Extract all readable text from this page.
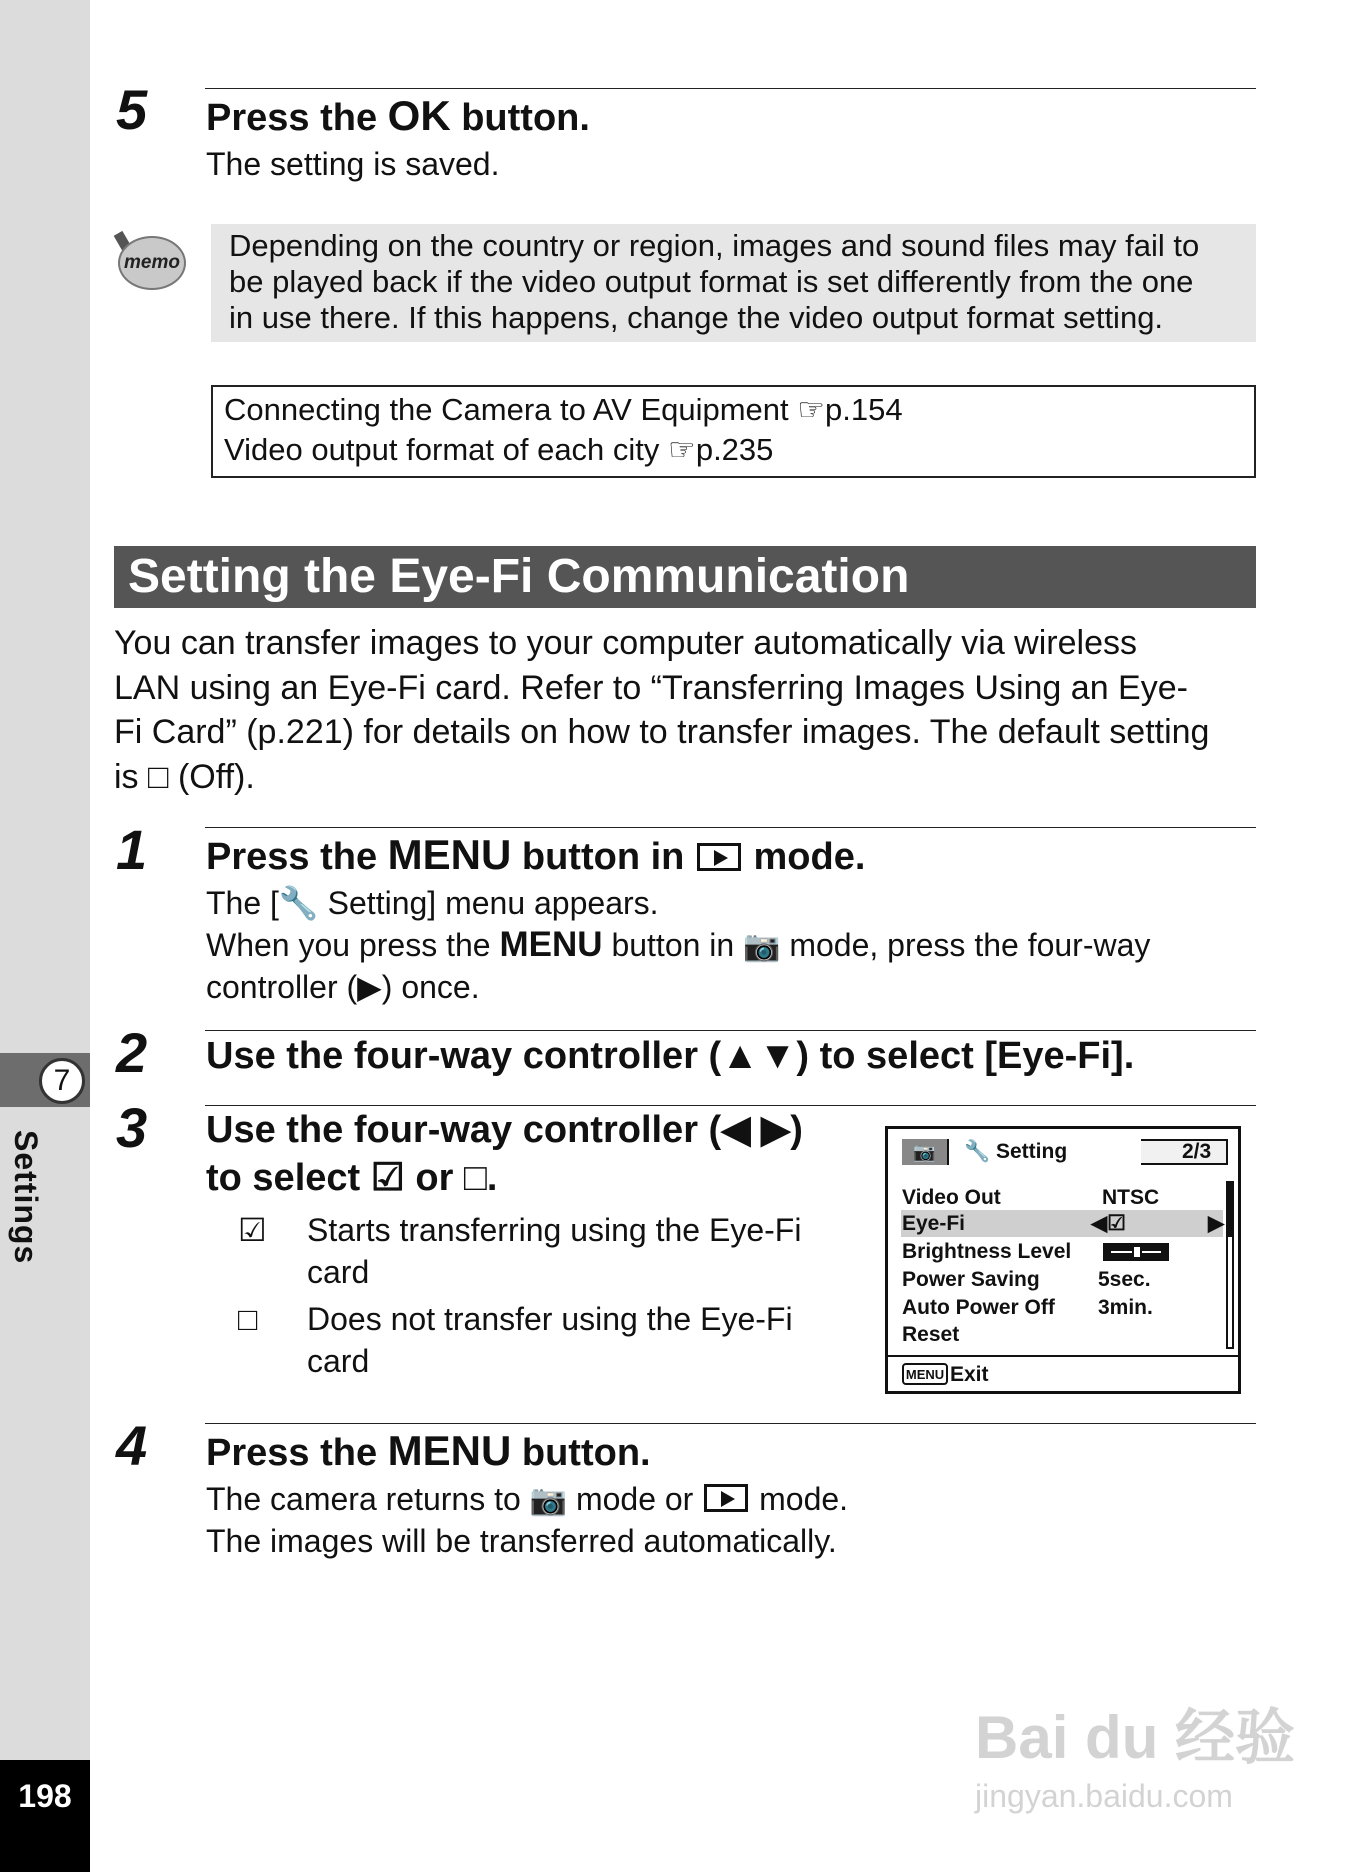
7
Settings
198
5 Press the OK button.
The setting is saved.
memo Depending on the country or region, images and sound files may fail to
be played back if the video output format is set differently from the one
in use there. If this happens, change the video output format setting.
Connecting the Camera to AV Equipment ☞p.154
Video output format of each city ☞p.235
Setting the Eye-Fi Communication
You can transfer images to your computer automatically via wireless
LAN using an Eye-Fi card. Refer to “Transferring Images Using an Eye-
Fi Card” (p.221) for details on how to transfer images. The default setting
is □ (Off).
1 Press the MENU button in  mode.
The [🔧 Setting] menu appears.
When you press the MENU button in 📷 mode, press the four-way
controller (▶) once.
2 Use the four-way controller (▲▼) to select [Eye-Fi].
3 Use the four-way controller (◀ ▶)
to select ☑ or □.
☑ Starts transferring using the Eye-Fi
card
□ Does not transfer using the Eye-Fi
card
📷	🔧 Setting	2/3
Video Out	NTSC
Eye-Fi	◀☑	▶
Brightness Level
Power Saving	5sec.
Auto Power Off 3min.
Reset
MENU Exit
4 Press the MENU button.
The camera returns to 📷 mode or  mode.
The images will be transferred automatically.
Bai du 经验
jingyan.baidu.com
